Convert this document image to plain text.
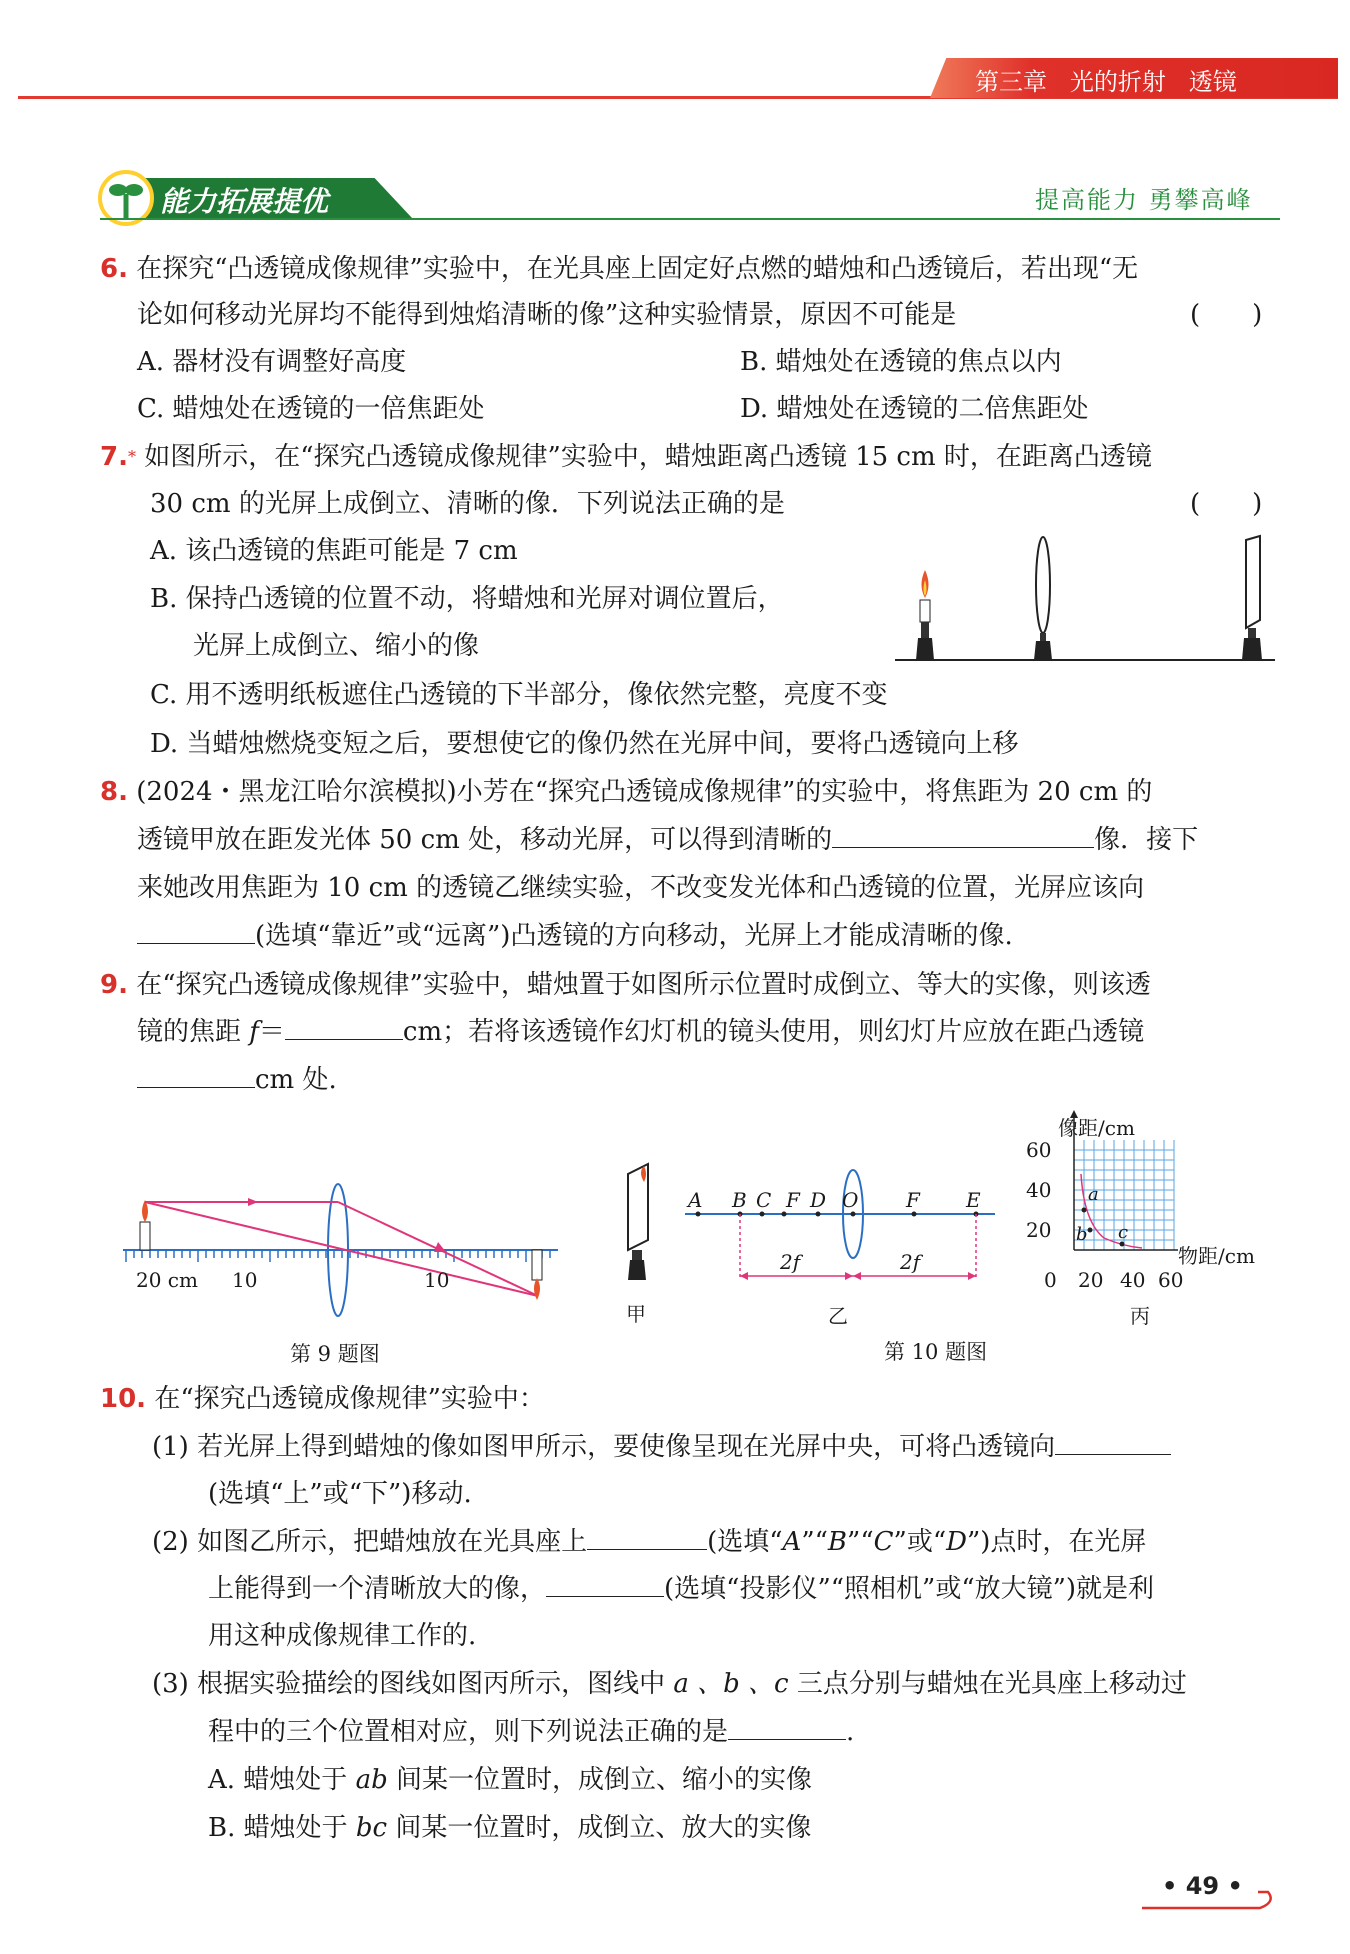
第三章 光的折射 透镜
能力拓展提优	提高能力 勇攀高峰
6. 在探究“凸透镜成像规律”实验中，在光具座上固定好点燃的蜡烛和凸透镜后，若出现“无
论如何移动光屏均不能得到烛焰清晰的像”这种实验情景，原因不可能是	(　　)
A. 器材没有调整好高度	B. 蜡烛处在透镜的焦点以内
C. 蜡烛处在透镜的一倍焦距处	D. 蜡烛处在透镜的二倍焦距处
7.* 如图所示，在“探究凸透镜成像规律”实验中，蜡烛距离凸透镜 15 cm 时，在距离凸透镜
30 cm 的光屏上成倒立、清晰的像．下列说法正确的是	(　　)
A. 该凸透镜的焦距可能是 7 cm
B. 保持凸透镜的位置不动，将蜡烛和光屏对调位置后，
光屏上成倒立、缩小的像
C. 用不透明纸板遮住凸透镜的下半部分，像依然完整，亮度不变
D. 当蜡烛燃烧变短之后，要想使它的像仍然在光屏中间，要将凸透镜向上移
8. (2024・黑龙江哈尔滨模拟)小芳在“探究凸透镜成像规律”的实验中，将焦距为 20 cm 的
透镜甲放在距发光体 50 cm 处，移动光屏，可以得到清晰的	像．接下
来她改用焦距为 10 cm 的透镜乙继续实验，不改变发光体和凸透镜的位置，光屏应该向
(选填“靠近”或“远离”)凸透镜的方向移动，光屏上才能成清晰的像.
9. 在“探究凸透镜成像规律”实验中，蜡烛置于如图所示位置时成倒立、等大的实像，则该透
镜的焦距 f＝	cm；若将该透镜作幻灯机的镜头使用，则幻灯片应放在距凸透镜
cm 处.
20 cm 10	10
第 9 题图
甲
A B C F D O F E
2f	2f
乙
像距/cm
60
40
20
0 20 40 60
物距/cm
a
b c
丙
第 10 题图
10. 在“探究凸透镜成像规律”实验中：
(1) 若光屏上得到蜡烛的像如图甲所示，要使像呈现在光屏中央，可将凸透镜向
(选填“上”或“下”)移动.
(2) 如图乙所示，把蜡烛放在光具座上	(选填“A”“B”“C”或“D”)点时，在光屏
上能得到一个清晰放大的像，	(选填“投影仪”“照相机”或“放大镜”)就是利
用这种成像规律工作的.
(3) 根据实验描绘的图线如图丙所示，图线中 a 、b 、c 三点分别与蜡烛在光具座上移动过
程中的三个位置相对应，则下列说法正确的是	.
A. 蜡烛处于 ab 间某一位置时，成倒立、缩小的实像
B. 蜡烛处于 bc 间某一位置时，成倒立、放大的实像
• 49 •
